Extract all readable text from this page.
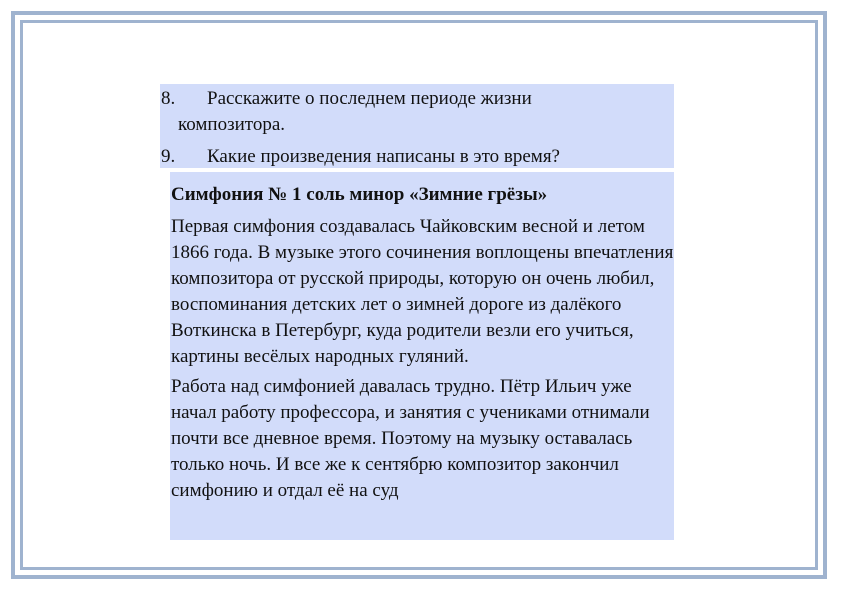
8.	Расскажите о последнем периоде жизни
композитора.
9.	Какие произведения написаны в это время?
Симфония № 1 соль минор «Зимние грёзы»
Первая симфония создавалась Чайковским весной и летом 1866 года. В музыке этого сочинения воплощены впечатления композитора от русской природы, которую он очень любил, воспоминания детских лет о зимней дороге из далёкого Воткинска в Петербург, куда родители везли его учиться, картины весёлых народных гуляний.
Работа над симфонией давалась трудно. Пётр Ильич уже начал работу профессора, и занятия с учениками отнимали почти все дневное время. Поэтому на музыку оставалась только ночь. И все же к сентябрю композитор закончил симфонию и отдал её на суд
